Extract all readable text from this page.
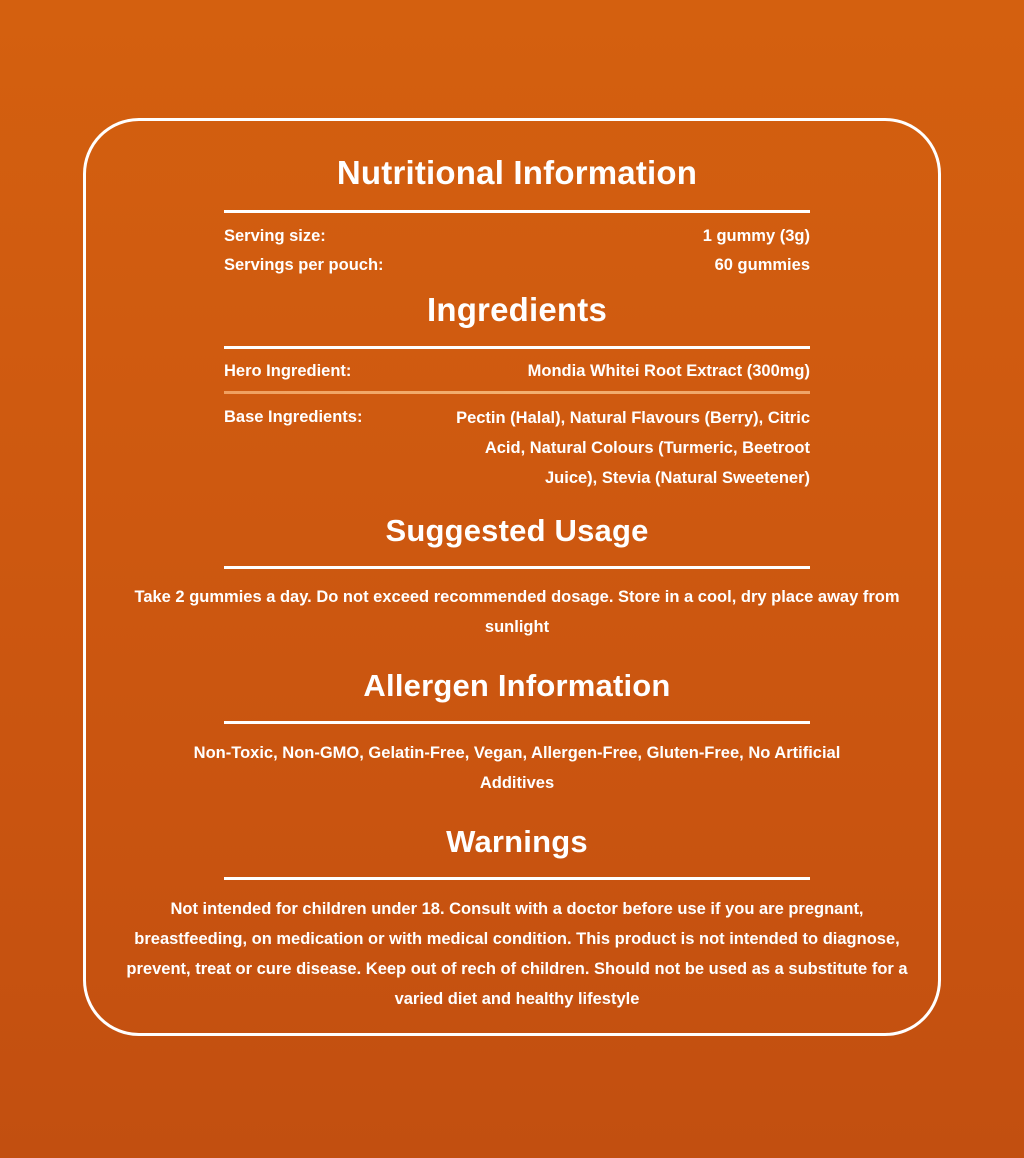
Nutritional Information
Serving size:	1 gummy (3g)
Servings per pouch:	60 gummies
Ingredients
Hero Ingredient:	Mondia Whitei Root Extract (300mg)
Base Ingredients:	Pectin (Halal), Natural Flavours (Berry), Citric Acid, Natural Colours (Turmeric, Beetroot Juice), Stevia (Natural Sweetener)
Suggested Usage
Take 2 gummies a day. Do not exceed recommended dosage. Store in a cool, dry place away from sunlight
Allergen Information
Non-Toxic, Non-GMO, Gelatin-Free, Vegan, Allergen-Free, Gluten-Free, No Artificial Additives
Warnings
Not intended for children under 18. Consult with a doctor before use if you are pregnant, breastfeeding, on medication or with medical condition. This product is not intended to diagnose, prevent, treat or cure disease. Keep out of rech of children. Should not be used as a substitute for a varied diet and healthy lifestyle
